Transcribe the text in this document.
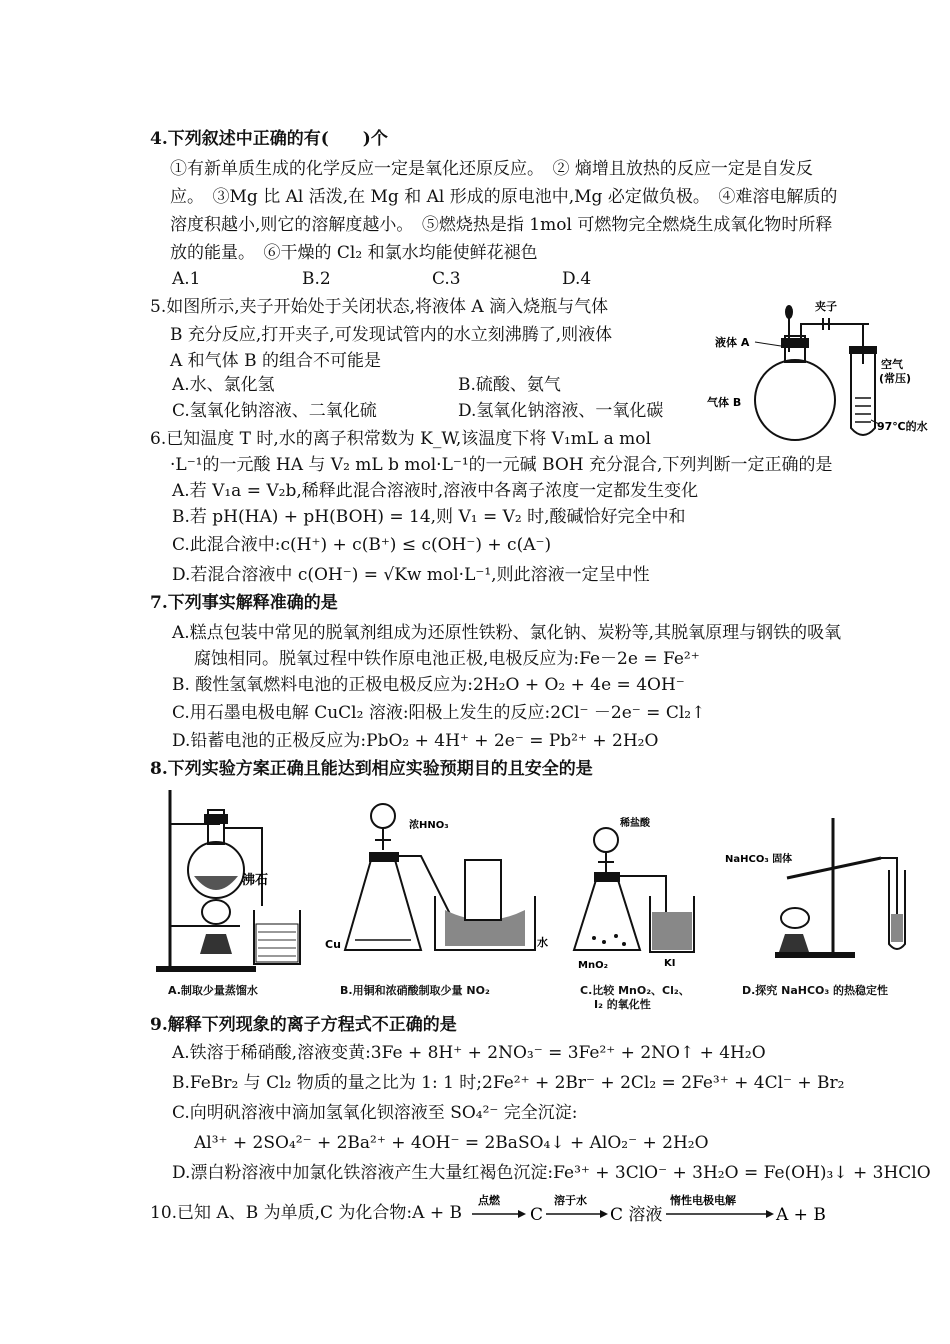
4.下列叙述中正确的有(　　)个
①有新单质生成的化学反应一定是氧化还原反应。　② 熵增且放热的反应一定是自发反
应。　③Mg 比 Al 活泼,在 Mg 和 Al 形成的原电池中,Mg 必定做负极。　④难溶电解质的
溶度积越小,则它的溶解度越小。　⑤燃烧热是指 1mol 可燃物完全燃烧生成氧化物时所释
放的能量。　⑥干燥的 Cl₂ 和氯水均能使鲜花褪色
A.1	B.2	C.3	D.4
5.如图所示,夹子开始处于关闭状态,将液体 A 滴入烧瓶与气体
B 充分反应,打开夹子,可发现试管内的水立刻沸腾了,则液体
A 和气体 B 的组合不可能是
A.水、氯化氢	B.硫酸、氨气
C.氢氧化钠溶液、二氧化硫	D.氢氧化钠溶液、一氧化碳
夹子
液体 A
空气
(常压)
气体 B
97℃的水
6.已知温度 T 时,水的离子积常数为 K_W,该温度下将 V₁mL a mol
·L⁻¹的一元酸 HA 与 V₂ mL b mol·L⁻¹的一元碱 BOH 充分混合,下列判断一定正确的是
A.若 V₁a = V₂b,稀释此混合溶液时,溶液中各离子浓度一定都发生变化
B.若 pH(HA) + pH(BOH) = 14,则 V₁ = V₂ 时,酸碱恰好完全中和
C.此混合液中:c(H⁺) + c(B⁺) ≤ c(OH⁻) + c(A⁻)
D.若混合溶液中 c(OH⁻) = √Kw mol·L⁻¹,则此溶液一定呈中性
7.下列事实解释准确的是
A.糕点包装中常见的脱氧剂组成为还原性铁粉、氯化钠、炭粉等,其脱氧原理与钢铁的吸氧
腐蚀相同。脱氧过程中铁作原电池正极,电极反应为:Fe－2e = Fe²⁺
B. 酸性氢氧燃料电池的正极电极反应为:2H₂O + O₂ + 4e = 4OH⁻
C.用石墨电极电解 CuCl₂ 溶液:阳极上发生的反应:2Cl⁻ －2e⁻ = Cl₂↑
D.铅蓄电池的正极反应为:PbO₂ + 4H⁺ + 2e⁻ = Pb²⁺ + 2H₂O
8.下列实验方案正确且能达到相应实验预期目的且安全的是
沸石
A.制取少量蒸馏水
浓HNO₃
Cu	水
B.用铜和浓硝酸制取少量 NO₂
稀盐酸
MnO₂	KI
C.比较 MnO₂、Cl₂、
I₂ 的氧化性
NaHCO₃ 固体
D.探究 NaHCO₃ 的热稳定性
9.解释下列现象的离子方程式不正确的是
A.铁溶于稀硝酸,溶液变黄:3Fe + 8H⁺ + 2NO₃⁻ = 3Fe²⁺ + 2NO↑ + 4H₂O
B.FeBr₂ 与 Cl₂ 物质的量之比为 1: 1 时;2Fe²⁺ + 2Br⁻ + 2Cl₂ = 2Fe³⁺ + 4Cl⁻ + Br₂
C.向明矾溶液中滴加氢氧化钡溶液至 SO₄²⁻ 完全沉淀:
Al³⁺ + 2SO₄²⁻ + 2Ba²⁺ + 4OH⁻ = 2BaSO₄↓ + AlO₂⁻ + 2H₂O
D.漂白粉溶液中加氯化铁溶液产生大量红褐色沉淀:Fe³⁺ + 3ClO⁻ + 3H₂O = Fe(OH)₃↓ + 3HClO
10.已知 A、B 为单质,C 为化合物:A + B
点燃
C
溶于水
C 溶液
惰性电极电解
A + B
